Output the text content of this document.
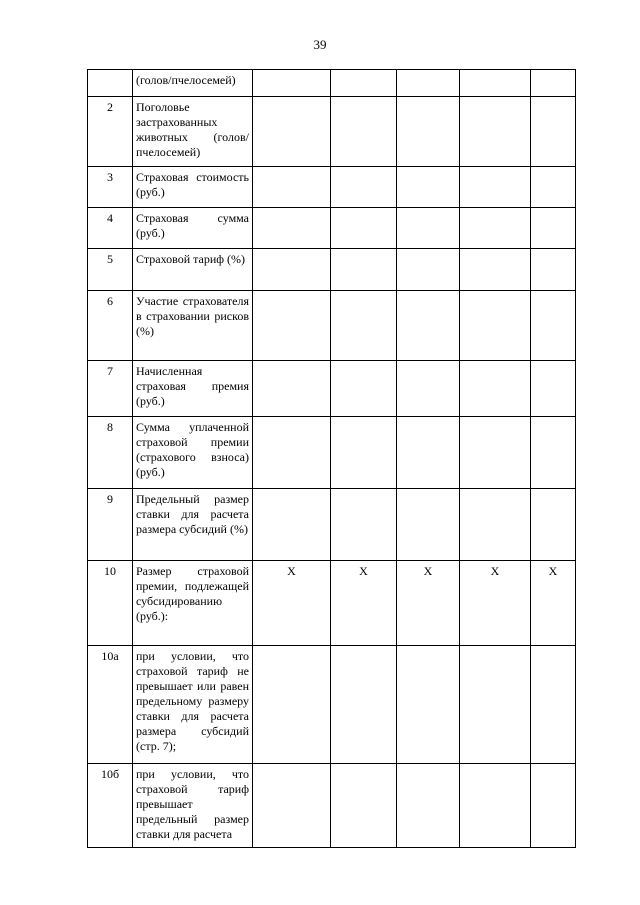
39
	(голов/пчелосемей)					
2	Поголовье застрахованных животных (голов/пчелосемей)					
3	Страховая стоимость (руб.)					
4	Страховая сумма (руб.)					
5	Страховой тариф (%)					
6	Участие страхователя в страховании рисков (%)					
7	Начисленная страховая премия (руб.)					
8	Сумма уплаченной страховой премии (страхового взноса) (руб.)					
9	Предельный размер ставки для расчета размера субсидий (%)					
10	Размер страховой премии, подлежащей субсидированию (руб.):	X	X	X	X	X
10а	при условии, что страховой тариф не превышает или равен предельному размеру ставки для расчета размера субсидий (стр. 7);					
10б	при условии, что страховой тариф превышает предельный размер ставки для расчета					
